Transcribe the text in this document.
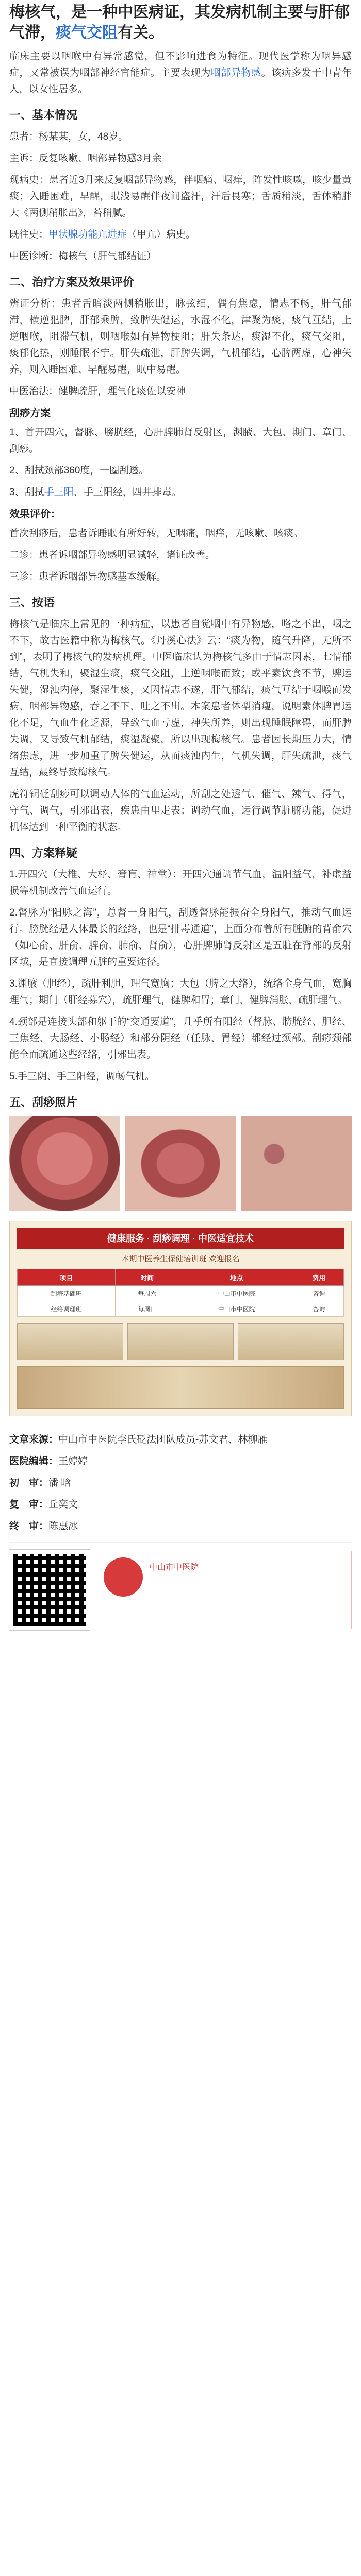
梅核气，是一种中医病证，其发病机制主要与肝郁气滞，痰气交阻有关。
临床主要以咽喉中有异常感觉，但不影响进食为特征。现代医学称为咽异感症，又常被误为咽部神经官能症。主要表现为咽部异物感。该病多发于中青年人，以女性居多。
一、基本情况
患者：杨某某，女，48岁。
主诉：反复咳嗽、咽部异物感3月余
现病史：患者近3月来反复咽部异物感，伴咽痛、咽痒，阵发性咳嗽，咳少量黄痰；入睡困难，早醒，眠浅易醒伴夜间盗汗，汗后畏寒；舌质稍淡，舌体稍胖大《两侧稍胀出》，苔稍腻。
既往史：甲状腺功能亢进症（甲亢）病史。
中医诊断：梅核气（肝气郁结证）
二、治疗方案及效果评价
辨证分析：患者舌暗淡两侧稍胀出，脉弦细，偶有焦虑，情志不畅，肝气郁滞，横逆犯脾，肝郁乘脾，致脾失健运，水湿不化，津聚为痰，痰气互结，上逆咽喉，阻滞气机，则咽喉如有异物梗阻；肝失条达，痰湿不化，痰气交阻，痰郁化热，则睡眠不宁。肝失疏泄，肝脾失调，气机郁结，心脾两虚，心神失养，则入睡困难、早醒易醒，眠中易醒。
中医治法：健脾疏肝，理气化痰佐以安神
刮痧方案
1、首开四穴，督脉、膀胱经，心肝脾肺肾反射区，渊腋、大包、期门、章门、刮痧。
2、刮拭颈部360度，一圈刮透。
3、刮拭手三阳、手三阳经，四井排毒。
效果评价：
首次刮痧后，患者诉睡眠有所好转，无咽痛，咽痒，无咳嗽、咳痰。
二诊：患者诉咽部异物感明显减轻，诸证改善。
三诊：患者诉咽部异物感基本缓解。
三、按语
梅核气是临床上常见的一种病症，以患者自觉咽中有异物感，咯之不出，咽之不下，故古医籍中称为梅核气。《丹溪心法》云：“痰为物，随气升降，无所不到”，表明了梅核气的发病机理。中医临床认为梅核气多由于情志因素，七情郁结，气机失和，聚湿生痰，痰气交阻，上逆咽喉而致；或平素饮食不节，脾运失健，湿浊内停，聚湿生痰，又因情志不遂，肝气郁结，痰气互结于咽喉而发病，咽部异物感，吞之不下，吐之不出。本案患者体型消瘦，说明素体脾胃运化不足，气血生化乏源，导致气血亏虚，神失所养，则出现睡眠障碍，而肝脾失调，又导致气机郁结，痰湿凝聚，所以出现梅核气。患者因长期压力大，情绪焦虑，进一步加重了脾失健运，从而痰浊内生，气机失调，肝失疏泄，痰气互结，最终导致梅核气。
虎符铜砭刮痧可以调动人体的气血运动，所刮之处透气、催气、辣气、得气，守气、调气，引邪出表，疾患由里走表；调动气血，运行调节脏腑功能，促进机体达到一种平衡的状态。
四、方案释疑
1.开四穴（大椎、大杼、膏肓、神堂）：开四穴通调节气血，温阳益气，补虚益损等机制改善气血运行。
2.督脉为“阳脉之海”，总督一身阳气，刮透督脉能振奋全身阳气，推动气血运行。膀胱经是人体最长的经络，也是“排毒通道”，上面分布着所有脏腑的背俞穴（如心俞、肝俞、脾俞、肺俞、肾俞），心肝脾肺肾反射区是五脏在背部的反射区域，是直接调理五脏的重要途径。
3.渊腋（胆经），疏肝利胆，理气宽胸；大包（脾之大络），统络全身气血，宽胸理气；期门（肝经募穴），疏肝理气，健脾和胃；章门，健脾消胀，疏肝理气。
4.颈部是连接头部和躯干的“交通要道”，几乎所有阳经（督脉、膀胱经、胆经、三焦经、大肠经、小肠经）和部分阴经（任脉、胃经）都经过颈部。刮痧颈部能全面疏通这些经络，引邪出表。
5.手三阴、手三阳经，调畅气机。
五、刮痧照片
健康服务 · 刮痧调理 · 中医适宜技术
本期中医养生保健培训班 欢迎报名
项目	时间	地点	费用
刮痧基础班	每周六	中山市中医院	咨询
经络调理班	每周日	中山市中医院	咨询
文章来源：中山市中医院李氏砭法团队成员-苏文君、林柳雁
医院编辑：王婷婷
初　审：潘 晗
复　审：丘奕文
终　审：陈惠冰
中山市中医院
